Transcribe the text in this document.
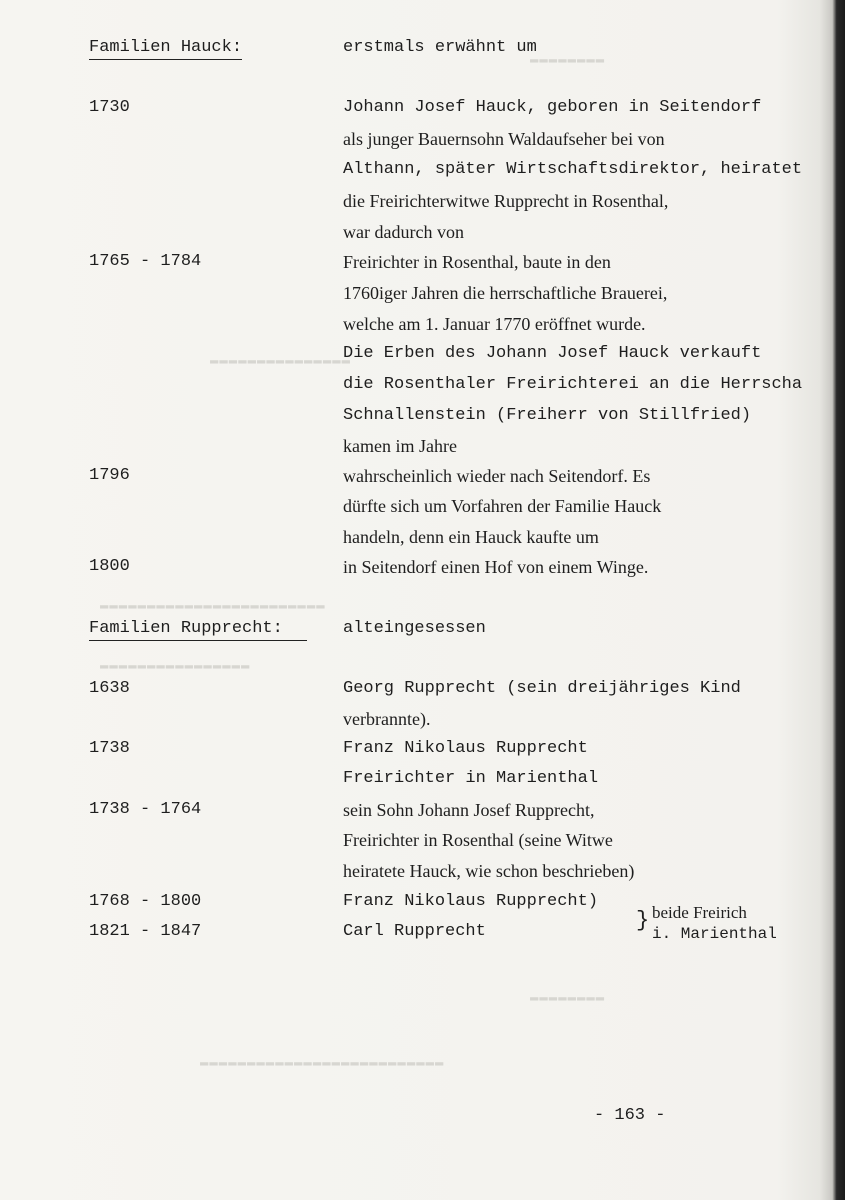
▬▬▬▬▬▬▬▬
▬▬▬▬▬▬▬▬▬▬▬▬▬▬▬
▬▬▬▬▬▬▬▬▬▬▬▬▬▬▬▬▬▬▬▬▬▬▬▬
▬▬▬▬▬▬▬▬▬▬▬▬▬▬▬▬
▬▬▬▬▬▬▬▬
▬▬▬▬▬▬▬▬▬▬▬▬▬▬▬▬▬▬▬▬▬▬▬▬▬▬
Familien Hauck:	erstmals erwähnt um
1730	Johann Josef Hauck, geboren in Seitendorf
als junger Bauernsohn Waldaufseher bei von
Althann, später Wirtschaftsdirektor, heiratet
die Freirichterwitwe Rupprecht in Rosenthal,
war dadurch von
1765 - 1784	Freirichter in Rosenthal, baute in den
1760iger Jahren die herrschaftliche Brauerei,
welche am 1. Januar 1770 eröffnet wurde.
Die Erben des Johann Josef Hauck verkauft
die Rosenthaler Freirichterei an die Herrscha
Schnallenstein (Freiherr von Stillfried)
kamen im Jahre
1796	wahrscheinlich wieder nach Seitendorf. Es
dürfte sich um Vorfahren der Familie Hauck
handeln, denn ein Hauck kaufte um
1800	in Seitendorf einen Hof von einem Winge.
Familien Rupprecht:	alteingesessen
1638	Georg Rupprecht (sein dreijähriges Kind
verbrannte).
1738	Franz Nikolaus Rupprecht
Freirichter in Marienthal
1738 - 1764	sein Sohn Johann Josef Rupprecht,
Freirichter in Rosenthal (seine Witwe
heiratete Hauck, wie schon beschrieben)
1768 - 1800	Franz Nikolaus Rupprecht)
1821 - 1847	Carl Rupprecht	} beide Freirich
i. Marienthal
- 163 -
